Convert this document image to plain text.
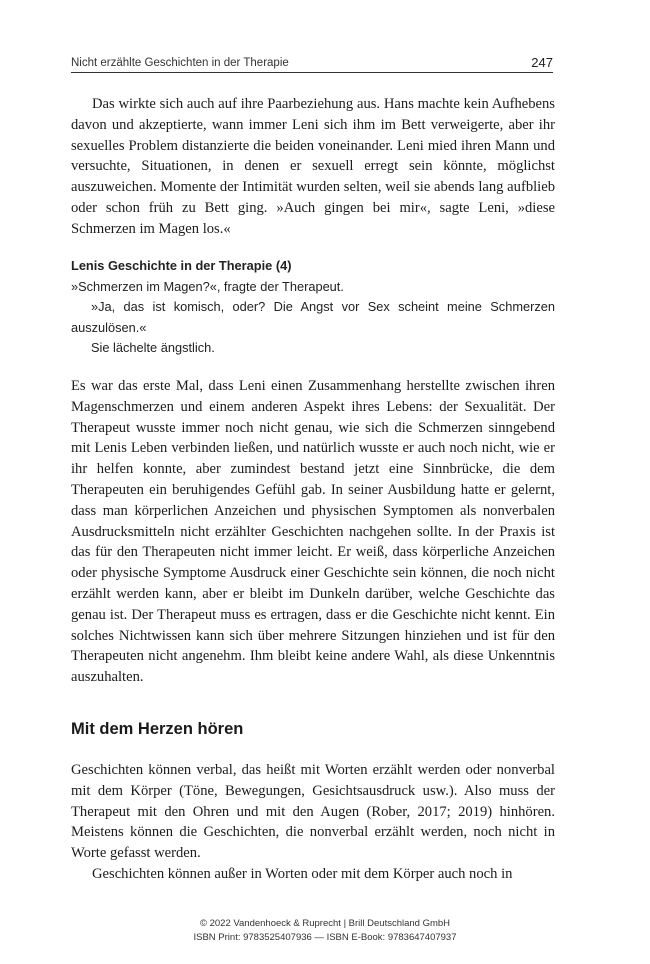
Nicht erzählte Geschichten in der Therapie	247

Das wirkte sich auch auf ihre Paarbeziehung aus. Hans machte kein Aufhebens davon und akzeptierte, wann immer Leni sich ihm im Bett verweigerte, aber ihr sexuelles Problem distanzierte die beiden voneinander. Leni mied ihren Mann und versuchte, Situationen, in denen er sexuell erregt sein könnte, möglichst auszuweichen. Momente der Intimität wurden selten, weil sie abends lang aufblieb oder schon früh zu Bett ging. »Auch gingen bei mir«, sagte Leni, »diese Schmerzen im Magen los.«

Lenis Geschichte in der Therapie (4)

»Schmerzen im Magen?«, fragte der Therapeut.

»Ja, das ist komisch, oder? Die Angst vor Sex scheint meine Schmerzen auszulösen.«

Sie lächelte ängstlich.

Es war das erste Mal, dass Leni einen Zusammenhang herstellte zwischen ihren Magenschmerzen und einem anderen Aspekt ihres Lebens: der Sexualität. Der Therapeut wusste immer noch nicht genau, wie sich die Schmerzen sinngebend mit Lenis Leben verbinden ließen, und natürlich wusste er auch noch nicht, wie er ihr helfen konnte, aber zumindest bestand jetzt eine Sinnbrücke, die dem Therapeuten ein beruhigendes Gefühl gab. In seiner Ausbildung hatte er gelernt, dass man körperlichen Anzeichen und physischen Symptomen als nonverbalen Ausdrucksmitteln nicht erzählter Geschichten nachgehen sollte. In der Praxis ist das für den Therapeuten nicht immer leicht. Er weiß, dass körperliche Anzeichen oder physische Symptome Ausdruck einer Geschichte sein können, die noch nicht erzählt werden kann, aber er bleibt im Dunkeln darüber, welche Geschichte das genau ist. Der Therapeut muss es ertragen, dass er die Geschichte nicht kennt. Ein solches Nichtwissen kann sich über mehrere Sitzungen hinziehen und ist für den Therapeuten nicht angenehm. Ihm bleibt keine andere Wahl, als diese Unkenntnis auszuhalten.

Mit dem Herzen hören

Geschichten können verbal, das heißt mit Worten erzählt werden oder nonverbal mit dem Körper (Töne, Bewegungen, Gesichtsausdruck usw.). Also muss der Therapeut mit den Ohren und mit den Augen (Rober, 2017; 2019) hinhören. Meistens können die Geschichten, die nonverbal erzählt werden, noch nicht in Worte gefasst werden.

Geschichten können außer in Worten oder mit dem Körper auch noch in

© 2022 Vandenhoeck & Ruprecht | Brill Deutschland GmbH
ISBN Print: 9783525407936 — ISBN E-Book: 9783647407937
